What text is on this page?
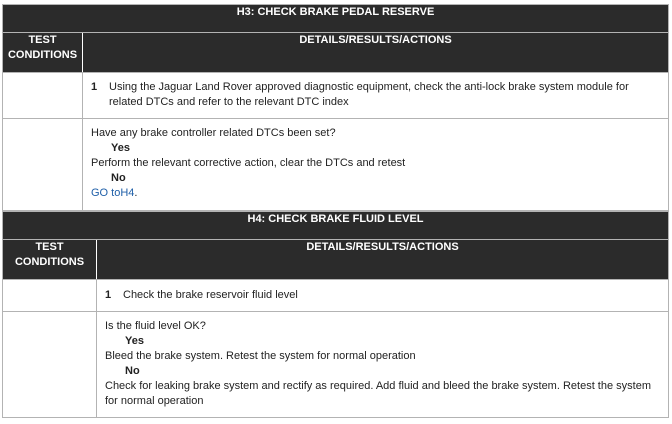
H3: CHECK BRAKE PEDAL RESERVE	
TEST
CONDITIONS	DETAILS/RESULTS/ACTIONS

	1 Using the Jaguar Land Rover approved diagnostic equipment, check the anti-lock brake system module for related DTCs and refer to the relevant DTC index

	Have any brake controller related DTCs been set?
Yes
Perform the relevant corrective action, clear the DTCs and retest
No
GO toH4.
H4: CHECK BRAKE FLUID LEVEL	
TEST
CONDITIONS	DETAILS/RESULTS/ACTIONS

	1 Check the brake reservoir fluid level

	Is the fluid level OK?
Yes
Bleed the brake system. Retest the system for normal operation
No
Check for leaking brake system and rectify as required. Add fluid and bleed the brake system. Retest the system for normal operation
